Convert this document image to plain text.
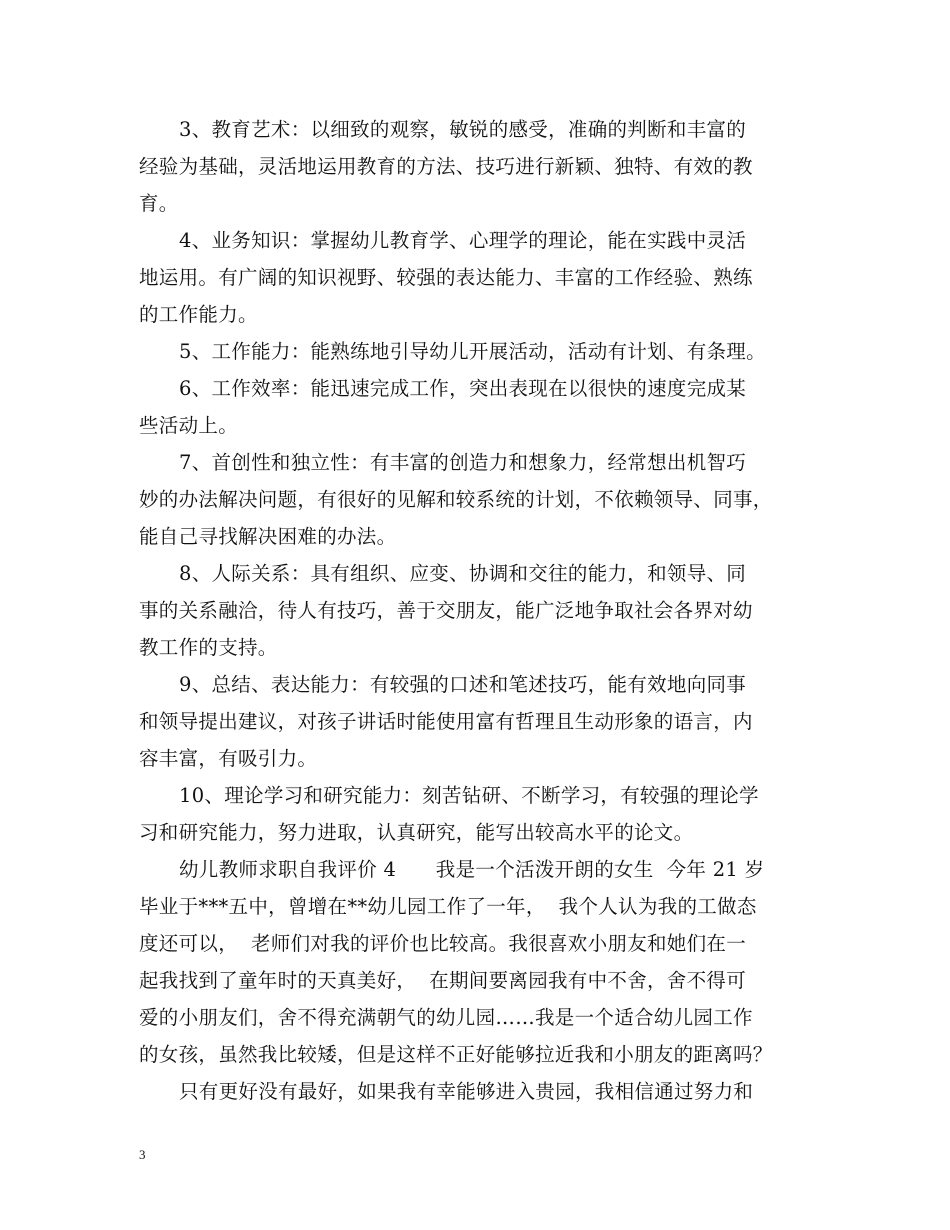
3、教育艺术：以细致的观察，敏锐的感受，准确的判断和丰富的
经验为基础，灵活地运用教育的方法、技巧进行新颖、独特、有效的教
育。
4、业务知识：掌握幼儿教育学、心理学的理论，能在实践中灵活
地运用。有广阔的知识视野、较强的表达能力、丰富的工作经验、熟练
的工作能力。
5、工作能力：能熟练地引导幼儿开展活动，活动有计划、有条理。
6、工作效率：能迅速完成工作，突出表现在以很快的速度完成某
些活动上。
7、首创性和独立性：有丰富的创造力和想象力，经常想出机智巧
妙的办法解决问题，有很好的见解和较系统的计划，不依赖领导、同事，
能自己寻找解决困难的办法。
8、人际关系：具有组织、应变、协调和交往的能力，和领导、同
事的关系融洽，待人有技巧，善于交朋友，能广泛地争取社会各界对幼
教工作的支持。
9、总结、表达能力：有较强的口述和笔述技巧，能有效地向同事
和领导提出建议，对孩子讲话时能使用富有哲理且生动形象的语言，内
容丰富，有吸引力。
10、理论学习和研究能力：刻苦钻研、不断学习，有较强的理论学
习和研究能力，努力进取，认真研究，能写出较高水平的论文。
幼儿教师求职自我评价 4　　我是一个活泼开朗的女生  今年 21 岁
毕业于***五中，曾增在**幼儿园工作了一年，  我个人认为我的工做态
度还可以，  老师们对我的评价也比较高。我很喜欢小朋友和她们在一
起我找到了童年时的天真美好，  在期间要离园我有中不舍，舍不得可
爱的小朋友们，舍不得充满朝气的幼儿园……我是一个适合幼儿园工作
的女孩，虽然我比较矮，但是这样不正好能够拉近我和小朋友的距离吗？
只有更好没有最好，如果我有幸能够进入贵园，我相信通过努力和
3
